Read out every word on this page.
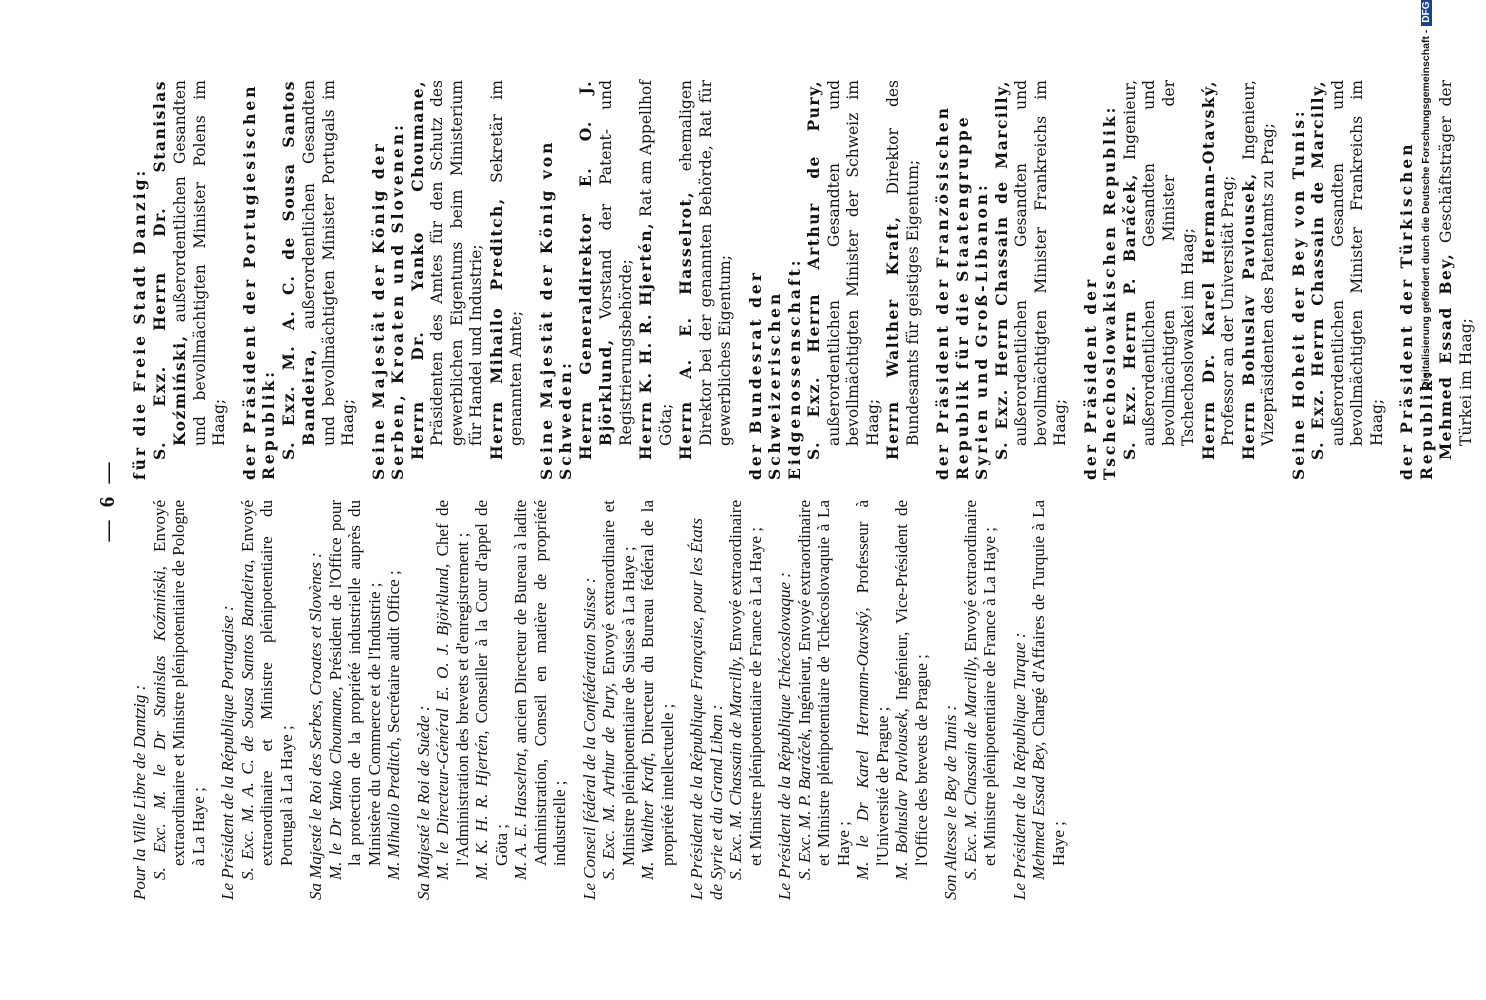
— 6 —
Pour la Ville Libre de Dantzig : S. Exc. M. le Dr Stanislas Koźmiński, Envoyé extraordinaire et Ministre plénipotentiaire de Pologne à La Haye ; Le Président de la République Portugaise : S. Exc. M. A. C. de Sousa Santos Bandeira, Envoyé extraordinaire et Ministre plénipotentiaire du Portugal à La Haye ; Sa Majesté le Roi des Serbes, Croates et Slovènes : M. le Dr Yanko Choumane, Président de l'Office pour la protection de la propriété industrielle auprès du Ministère du Commerce et de l'Industrie ; M. Mihailo Preditch, Secrétaire audit Office ;
Sa Majesté le Roi de Suède : M. le Directeur-Général E. O. J. Björklund, Chef de l'Administration des brevets et d'enregistrement ; M. K. H. R. Hjertén, Conseiller à la Cour d'appel de Göta ; M. A. E. Hasselrot, ancien Directeur de Bureau à ladite Administration, Conseil en matière de propriété industrielle ; Le Conseil fédéral de la Confédération Suisse : S. Exc. M. Arthur de Pury, Envoyé extraordinaire et Ministre plénipotentiaire de Suisse à La Haye ; M. Walther Kraft, Directeur du Bureau fédéral de la propriété intellectuelle ; Le Président de la République Française, pour les États de Syrie et du Grand Liban : S. Exc. M. Chassain de Marcilly, Envoyé extraordinaire et Ministre plénipotentiaire de France à La Haye ; Le Président de la République Tchécoslovaque : S. Exc. M. P. Baráček, Ingénieur, Envoyé extraordinaire et Ministre plénipotentiaire de Tchécoslovaquie à La Haye ; M. le Dr Karel Hermann-Otavský, Professeur à l'Université de Prague ; M. Bohuslav Pavlousek, Ingénieur, Vice-Président de l'Office des brevets de Prague ; Son Altesse le Bey de Tunis : S. Exc. M. Chassain de Marcilly, Envoyé extraordinaire et Ministre plénipotentiaire de France à La Haye ; Le Président de la République Turque : Mehmed Essad Bey, Chargé d'Affaires de Turquie à La Haye ;
für die Freie Stadt Danzig: S. Exz. Herrn Dr. Stanislas Koźmiński, außerordentlichen Gesandten und bevollmächtigten Minister Polens im Haag; der Präsident der Portugiesischen Republik: S. Exz. M. A. C. de Sousa Santos Bandeira, außerordentlichen Gesandten und bevollmächtigten Minister Portugals im Haag; Seine Majestät der König der Serben, Kroaten und Slovenen: Herrn Dr. Yanko Choumane, Präsidenten des Amtes für den Schutz des gewerblichen Eigentums beim Ministerium für Handel und Industrie; Herrn Mihailo Preditch, Sekretär im genannten Amte; Seine Majestät der König von Schweden: Herrn Generaldirektor E. O. J. Björklund, Vorstand der Patent- und Registrierungsbehörde; Herrn K. H. R. Hjertén, Rat am Appellhof Göta; Herrn A. E. Hasselrot, ehemaligen Direktor bei der genannten Behörde, Rat für gewerbliches Eigentum; der Bundesrat der Schweizerischen Eidgenossenschaft: S. Exz. Herrn Arthur de Pury, außerordentlichen Gesandten und bevollmächtigten Minister der Schweiz im Haag; Herrn Walther Kraft, Direktor des Bundesamts für geistiges Eigentum; der Präsident der Französischen Republik für die Staatengruppe Syrien und Groß-Libanon: S. Exz. Herrn Chassain de Marcilly, außerordentlichen Gesandten und bevollmächtigten Minister Frankreichs im Haag; der Präsident der Tschechoslowakischen Republik: S. Exz. Herrn P. Baráček, Ingenieur, außerordentlichen Gesandten und bevollmächtigten Minister der Tschechoslowakei im Haag; Herrn Dr. Karel Hermann-Otavský, Professor an der Universität Prag; Herrn Bohuslav Pavlousek, Ingenieur, Vizepräsidenten des Patentamts zu Prag; Seine Hoheit der Bey von Tunis: S. Exz. Herrn Chassain de Marcilly, außerordentlichen Gesandten und bevollmächtigten Minister Frankreichs im Haag; der Präsident der Türkischen Republik: Mehmed Essad Bey, Geschäftsträger der Türkei im Haag;
Digitalisierung gefördert durch die Deutsche Forschungsgemeinschaft -DFG
